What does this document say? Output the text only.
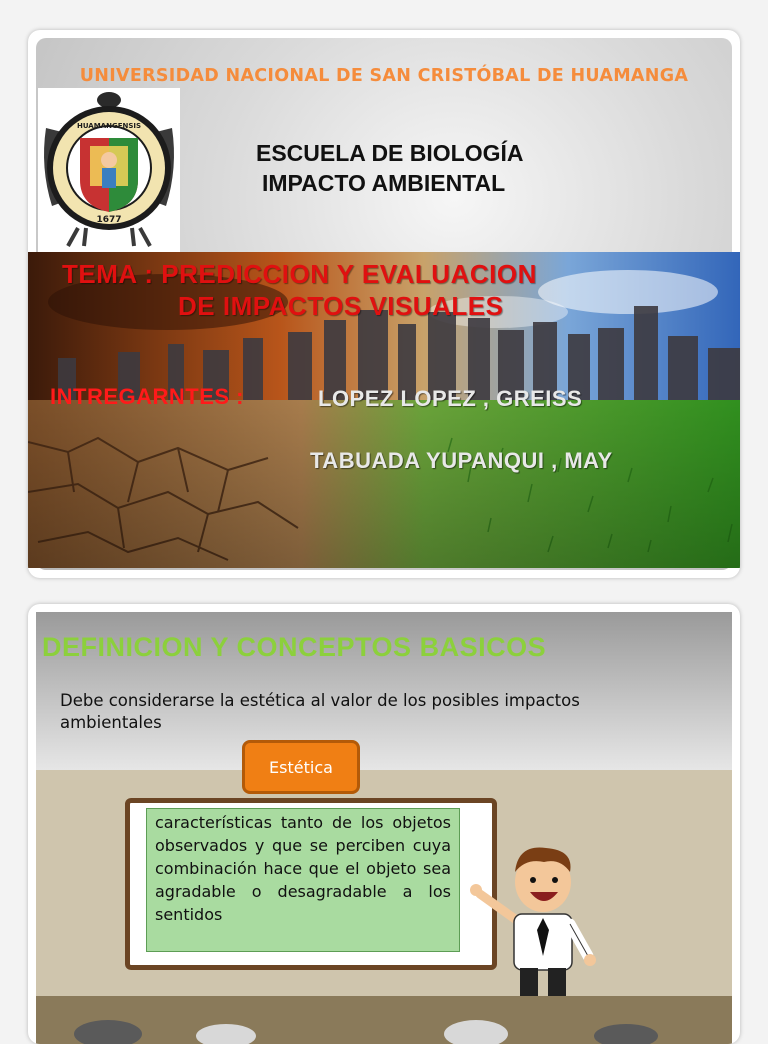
UNIVERSIDAD NACIONAL DE SAN CRISTÓBAL DE HUAMANGA
HUAMANGENSIS
1677
ESCUELA DE BIOLOGÍA
IMPACTO AMBIENTAL
TEMA : PREDICCION Y EVALUACION
DE IMPACTOS VISUALES
INTREGARNTES :	LOPEZ LOPEZ , GREISS
TABUADA YUPANQUI , MAY
DEFINICION Y CONCEPTOS BASICOS
Debe considerarse la estética al valor de los posibles impactos
ambientales
Estética
características tanto de los objetos observados y que se perciben cuya combinación hace que el objeto sea agradable o desagradable a los sentidos
